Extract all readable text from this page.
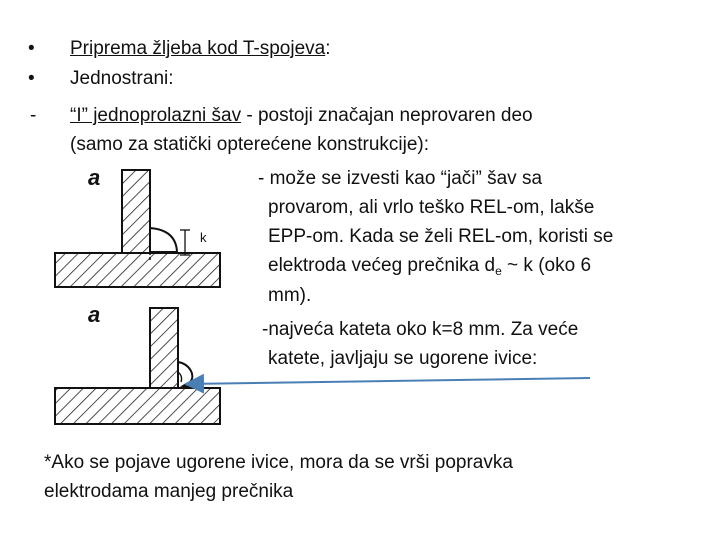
• Priprema žljeba kod T-spojeva:
• Jednostrani:
- “I” jednoprolazni šav - postoji značajan neprovaren deo
(samo za statički opterećene konstrukcije):
- može se izvesti kao “jači” šav sa
provarom, ali vrlo teško REL-om, lakše
EPP-om. Kada se želi REL-om, koristi se
elektroda većeg prečnika $d_e$ ~ k (oko 6
mm).
-najveća kateta oko k=8 mm. Za veće
katete, javljaju se ugorene ivice:
*Ako se pojave ugorene ivice, mora da se vrši popravka
elektrodama manjeg prečnika
a
k
a
